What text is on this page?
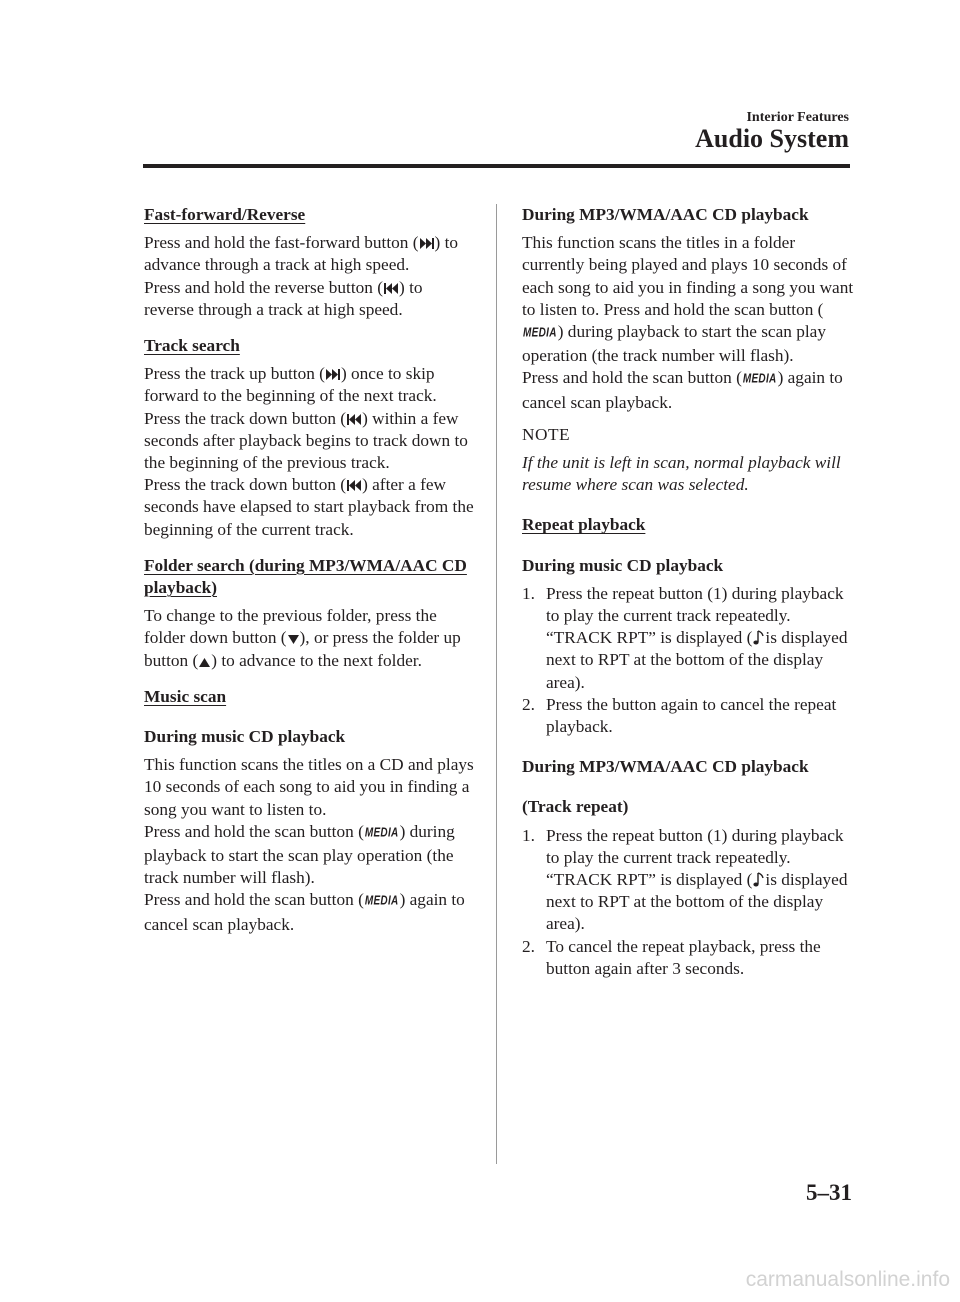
Interior Features
Audio System
Fast-forward/Reverse

Press and hold the fast-forward button ( ) to advance through a track at high speed.

Press and hold the reverse button ( ) to reverse through a track at high speed.

Track search

Press the track up button ( ) once to skip forward to the beginning of the next track.

Press the track down button ( ) within a few seconds after playback begins to track down to the beginning of the previous track.

Press the track down button ( ) after a few seconds have elapsed to start playback from the beginning of the current track.

Folder search (during MP3/WMA/AAC CD playback)

To change to the previous folder, press the folder down button ( ), or press the folder up button ( ) to advance to the next folder.

Music scan
During music CD playback

This function scans the titles on a CD and plays 10 seconds of each song to aid you in finding a song you want to listen to.

Press and hold the scan button (MEDIA) during playback to start the scan play operation (the track number will flash).

Press and hold the scan button (MEDIA) again to cancel scan playback.

During MP3/WMA/AAC CD playback

This function scans the titles in a folder currently being played and plays 10 seconds of each song to aid you in finding a song you want to listen to. Press and hold the scan button (MEDIA) during playback to start the scan play operation (the track number will flash).

Press and hold the scan button (MEDIA) again to cancel scan playback.

NOTE

If the unit is left in scan, normal playback will resume where scan was selected.

Repeat playback
During music CD playback
1. Press the repeat button (1) during playback to play the current track repeatedly. “TRACK RPT” is displayed ( is displayed next to RPT at the bottom of the display area).
2. Press the button again to cancel the repeat playback.
During MP3/WMA/AAC CD playback
(Track repeat)
1. Press the repeat button (1) during playback to play the current track repeatedly. “TRACK RPT” is displayed ( is displayed next to RPT at the bottom of the display area).
2. To cancel the repeat playback, press the button again after 3 seconds.
5–31
carmanualsonline.info
